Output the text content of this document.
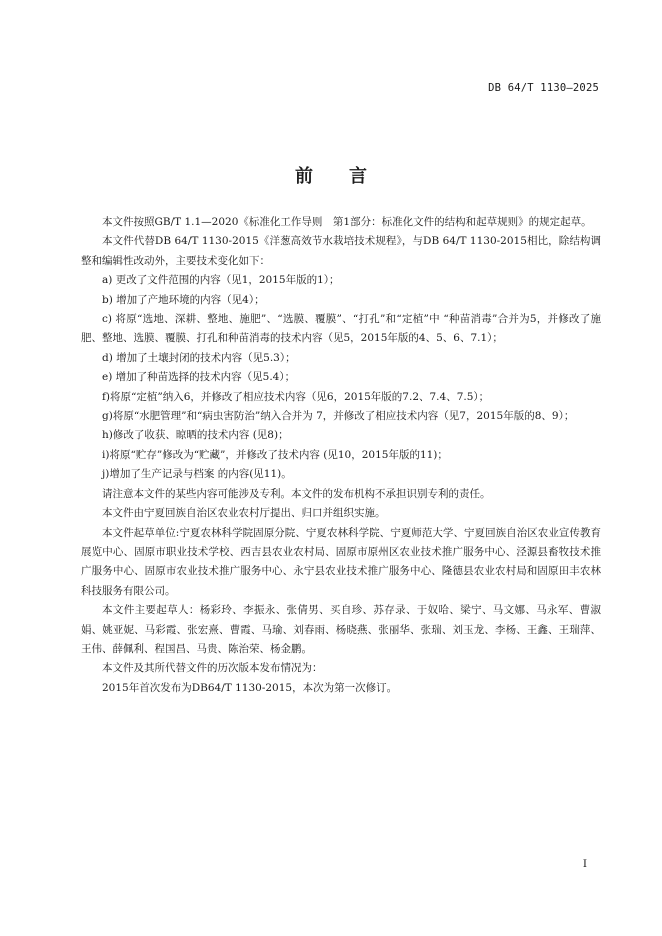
DB 64/T 1130—2025
前 言

本文件按照GB/T 1.1—2020《标准化工作导则　第1部分：标准化文件的结构和起草规则》的规定起草。

本文件代替DB 64/T 1130-2015《洋葱高效节水栽培技术规程》，与DB 64/T 1130-2015相比，除结构调整和编辑性改动外，主要技术变化如下：

a) 更改了文件范围的内容（见1，2015年版的1）；

b) 增加了产地环境的内容（见4）；

c) 将原“选地、深耕、整地、施肥”、“选膜、覆膜”、“打孔”和“定植”中 “种苗消毒”合并为5，并修改了施肥、整地、选膜、覆膜、打孔和种苗消毒的技术内容（见5，2015年版的4、5、6、7.1）；

d) 增加了土壤封闭的技术内容（见5.3）；

e) 增加了种苗选择的技术内容（见5.4）；

f)将原“定植”纳入6，并修改了相应技术内容（见6，2015年版的7.2、7.4、7.5）；

g)将原“水肥管理”和“病虫害防治”纳入合并为 7，并修改了相应技术内容（见7，2015年版的8、9）；

h)修改了收获、晾晒的技术内容 (见8)；

i)将原“贮存”修改为“贮藏”，并修改了技术内容 (见10，2015年版的11)；

j)增加了生产记录与档案 的内容(见11)。

请注意本文件的某些内容可能涉及专利。本文件的发布机构不承担识别专利的责任。

本文件由宁夏回族自治区农业农村厅提出、归口并组织实施。

本文件起草单位:宁夏农林科学院固原分院、宁夏农林科学院、宁夏师范大学、宁夏回族自治区农业宣传教育展览中心、固原市职业技术学校、西吉县农业农村局、固原市原州区农业技术推广服务中心、泾源县畜牧技术推广服务中心、固原市农业技术推广服务中心、永宁县农业技术推广服务中心、隆德县农业农村局和固原田丰农林科技服务有限公司。

本文件主要起草人：杨彩玲、李振永、张倩男、买自珍、苏存录、于奴哈、梁宁、马文娜、马永军、曹淑娟、姚亚妮、马彩霞、张宏熹、曹霞、马瑜、刘春雨、杨晓燕、张丽华、张瑞、刘玉龙、李杨、王鑫、王瑞萍、王伟、薛佩利、程国昌、马贵、陈治荣、杨金鹏。

本文件及其所代替文件的历次版本发布情况为：

2015年首次发布为DB64/T 1130-2015，本次为第一次修订。

I
